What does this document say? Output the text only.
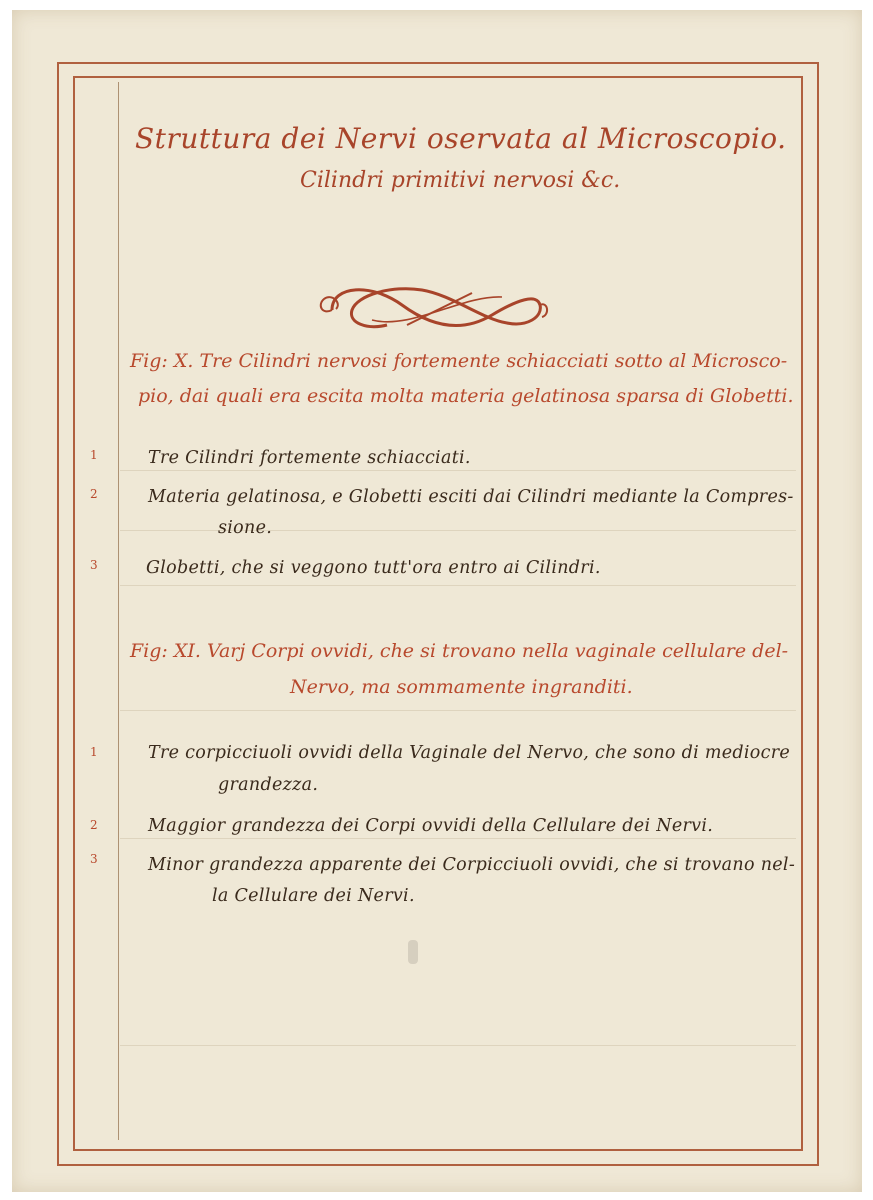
Struttura dei Nervi oservata al Microscopio.
Cilindri primitivi nervosi &c.
Fig: X. Tre Cilindri nervosi fortemente schiacciati sotto al Microsco-
pio, dai quali era escita molta materia gelatinosa sparsa di Globetti.
1	Tre Cilindri fortemente schiacciati.
2	Materia gelatinosa, e Globetti esciti dai Cilindri mediante la Compres-
sione.
3	Globetti, che si veggono tutt'ora entro ai Cilindri.
Fig: XI. Varj Corpi ovvidi, che si trovano nella vaginale cellulare del-
Nervo, ma sommamente ingranditi.
1	Tre corpicciuoli ovvidi della Vaginale del Nervo, che sono di mediocre
grandezza.
2	Maggior grandezza dei Corpi ovvidi della Cellulare dei Nervi.
3	Minor grandezza apparente dei Corpicciuoli ovvidi, che si trovano nel-
la Cellulare dei Nervi.
